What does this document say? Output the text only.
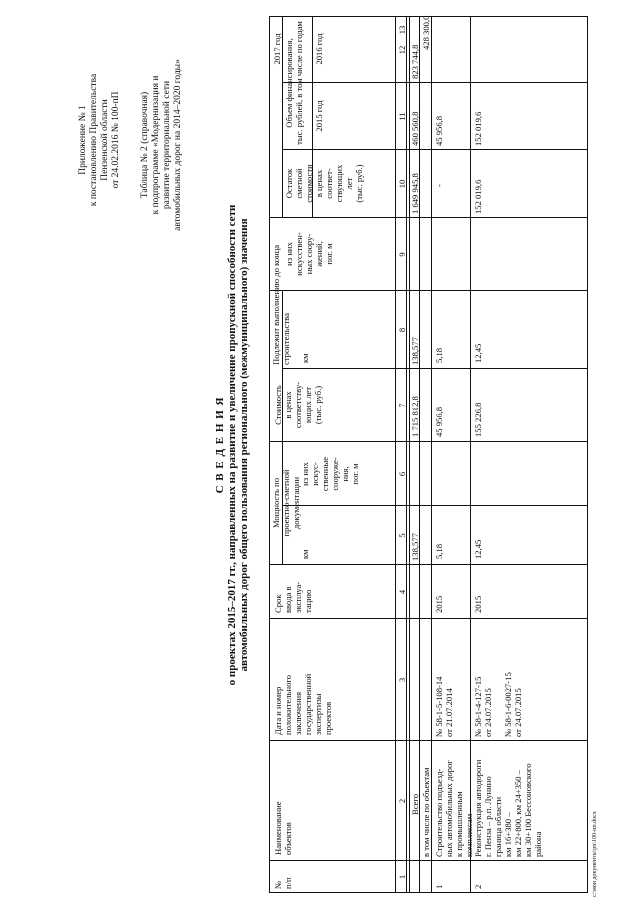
Приложение № 1 к постановлению Правительства Пензенской области от 24.02.2016 № 100-пП Таблица № 2 (справочная) к подпрограмме «Модернизация и развитие территориальной сети автомобильных дорог на 2014–2020 годы»
С В Е Д Е Н И Я о проектах 2015–2017 гг., направленных на развитие и увеличение пропускной способности сети автомобильных дорог общего пользования регионального (межмуниципального) значения
№
п/п
Наименование
объектов
Дата и номер
положительного
заключения
государственной
экспертизы
проектов
Срок
ввода в
эксплуа-
тацию
Мощность по
проектно-сметной
документации
км
из них
искус-
ственные
сооруже-
ния,
пог. м
Стоимость
в ценах
соответству-
ющих лет
(тыс. руб.)
Подлежит выполнению до конца
строительства км
из них
искусствен-
ных соору-
жений,
пог. м
Остаток
сметной
стоимости
в ценах
соответ-
ствующих
лет
(тыс. руб.)
Объем финансирования,
тыс. рублей, в том числе по годам
2015 год
2016 год
2017 год
1
2
3
4
5
6
7
8
9
10
11
12
13
Всего
138,577
1 715 812,8
138,577
1 649 945,8
460 560,8
823 744,8
428 300,0
в том числе по объектам
1
Строительство подъезд-
ных автомобильных дорог
к промышленным
комплексам
№ 58-1-5-108-14
от 21.07.2014
2015
5,18
45 956,8
5,18
-
45 956,8
2
Реконструкция автодороги
г. Пенза – р.п. Лунино
граница области
км 16+380 –
км 22+800, км 24+350 –
км 30+100 Бессоновского
района
№ 58-1-4-127-15
от 24.07.2015

№ 58-1-6-0027-15
от 24.07.2015
2015
12,45
155 226,8
12,45
152 019,6
152 019,6
c:\мои документы\рп\100-пп.docx
